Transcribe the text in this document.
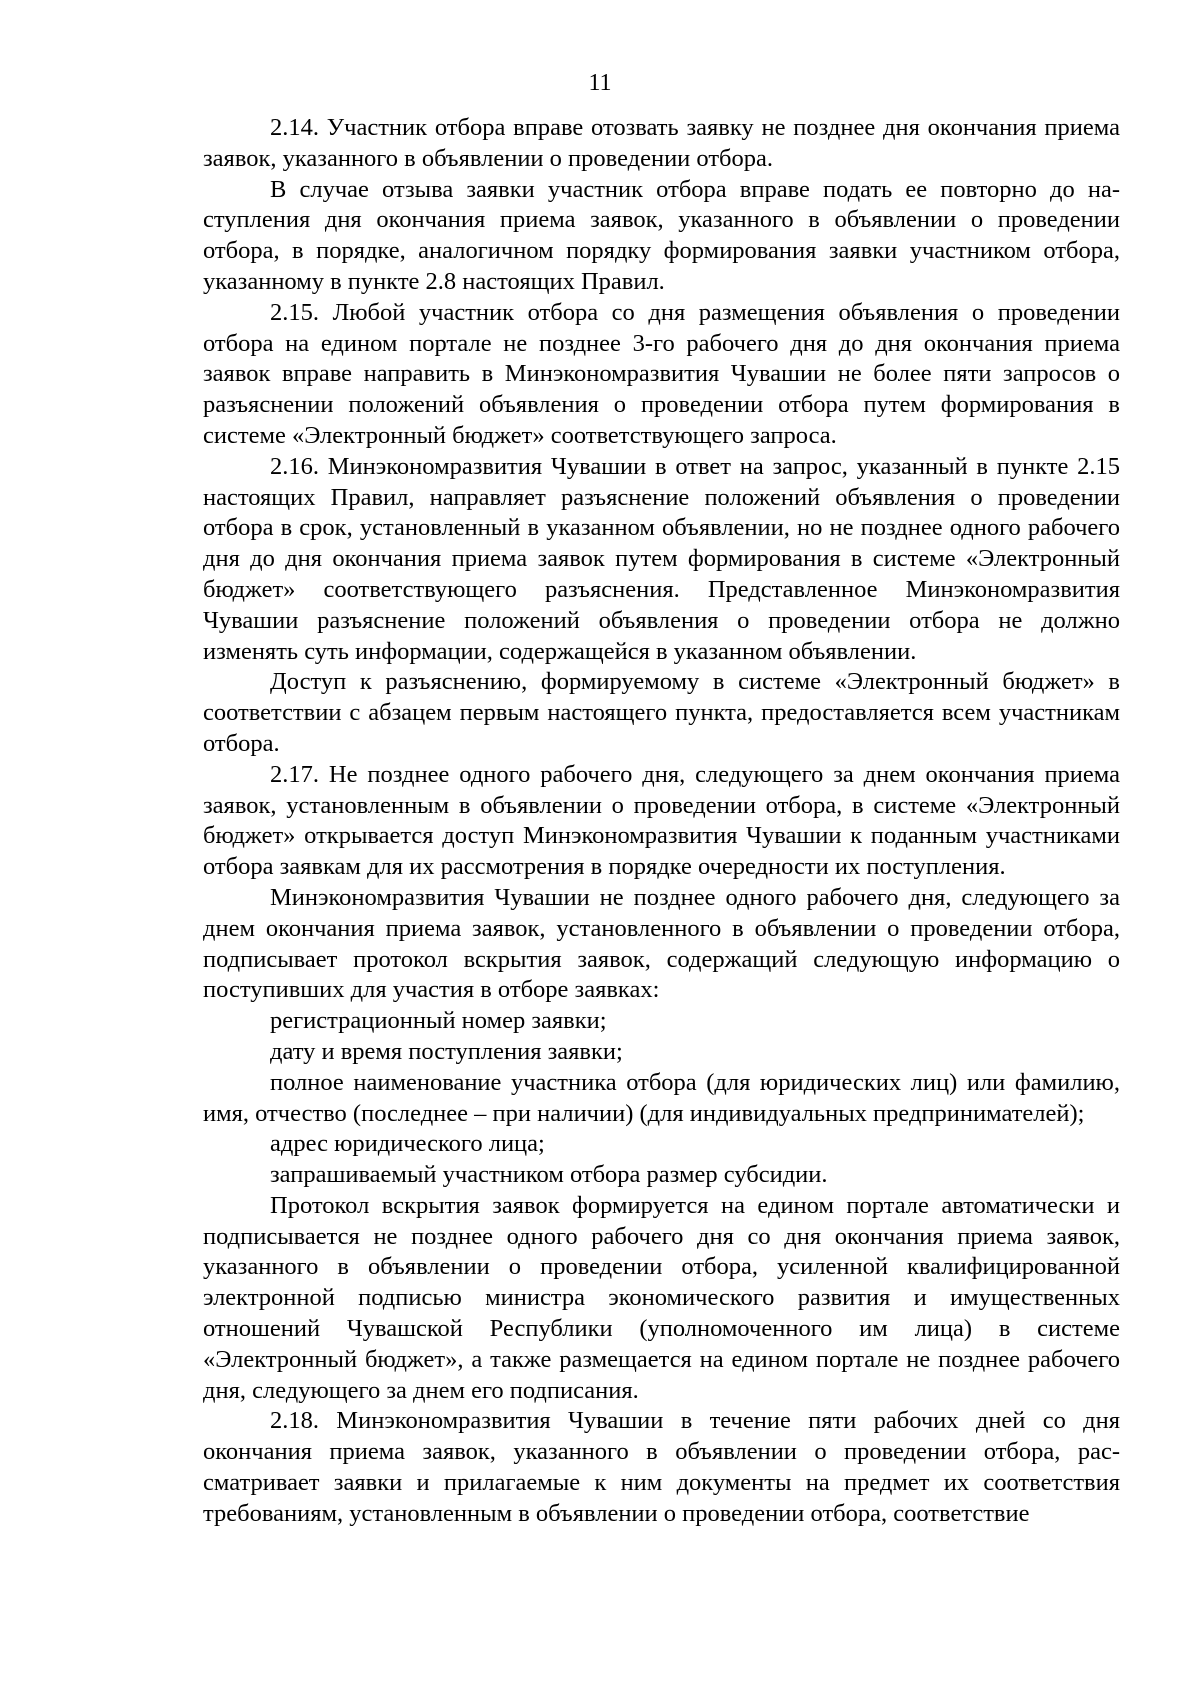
11

2.14. Участник отбора вправе отозвать заявку не позднее дня окончания приема заявок, указанного в объявлении о проведении отбора.

В случае отзыва заявки участник отбора вправе подать ее повторно до наступления дня окончания приема заявок, указанного в объявлении о проведении отбора, в порядке, аналогичном порядку формирования заявки участником отбора, указанному в пункте 2.8 настоящих Правил.

2.15. Любой участник отбора со дня размещения объявления о проведении отбора на едином портале не позднее 3-го рабочего дня до дня окончания приема заявок вправе направить в Минэкономразвития Чувашии не более пяти запросов о разъяснении положений объявления о проведении отбора путем формирования в системе «Электронный бюджет» соответствующего запроса.

2.16. Минэкономразвития Чувашии в ответ на запрос, указанный в пункте 2.15 настоящих Правил, направляет разъяснение положений объявления о проведении отбора в срок, установленный в указанном объявлении, но не позднее одного рабочего дня до дня окончания приема заявок путем формирования в системе «Электронный бюджет» соответствующего разъяснения. Представленное Минэкономразвития Чувашии разъяснение положений объявления о проведении отбора не должно изменять суть информации, содержащейся в указанном объявлении.

Доступ к разъяснению, формируемому в системе «Электронный бюджет» в соответствии с абзацем первым настоящего пункта, предоставляется всем участникам отбора.

2.17. Не позднее одного рабочего дня, следующего за днем окончания приема заявок, установленным в объявлении о проведении отбора, в системе «Электронный бюджет» открывается доступ Минэкономразвития Чувашии к поданным участниками отбора заявкам для их рассмотрения в порядке очередности их поступления.

Минэкономразвития Чувашии не позднее одного рабочего дня, следующего за днем окончания приема заявок, установленного в объявлении о проведении отбора, подписывает протокол вскрытия заявок, содержащий следующую информацию о поступивших для участия в отборе заявках:

регистрационный номер заявки;

дату и время поступления заявки;

полное наименование участника отбора (для юридических лиц) или фамилию, имя, отчество (последнее – при наличии) (для индивидуальных предпринимателей);

адрес юридического лица;

запрашиваемый участником отбора размер субсидии.

Протокол вскрытия заявок формируется на едином портале автоматически и подписывается не позднее одного рабочего дня со дня окончания приема заявок, указанного в объявлении о проведении отбора, усиленной квалифицированной электронной подписью министра экономического развития и имущественных отношений Чувашской Республики (уполномоченного им лица) в системе «Электронный бюджет», а также размещается на едином портале не позднее рабочего дня, следующего за днем его подписания.

2.18. Минэкономразвития Чувашии в течение пяти рабочих дней со дня окончания приема заявок, указанного в объявлении о проведении отбора, рассматривает заявки и прилагаемые к ним документы на предмет их соответствия требованиям, установленным в объявлении о проведении отбора, соответствие
